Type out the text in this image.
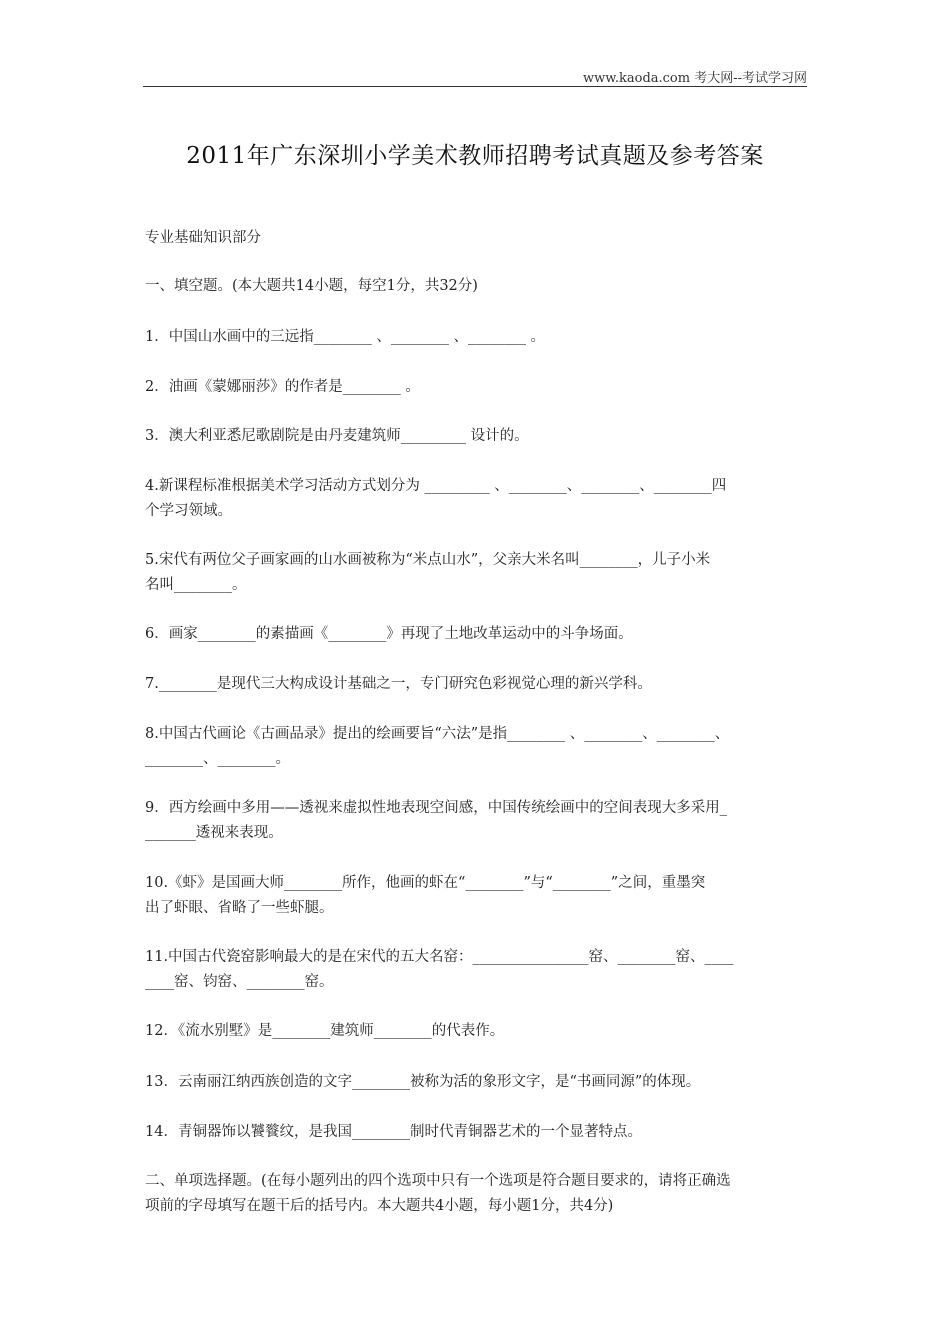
www.kaoda.com 考大网--考试学习网
2011年广东深圳小学美术教师招聘考试真题及参考答案

专业基础知识部分

一、填空题。(本大题共14小题，每空1分，共32分)

1．中国山水画中的三远指________ 、________ 、________ 。

2．油画《蒙娜丽莎》的作者是________ 。

3．澳大利亚悉尼歌剧院是由丹麦建筑师_________ 设计的。

4.新课程标准根据美术学习活动方式划分为 _________ 、________、________、________四

个学习领域。

5.宋代有两位父子画家画的山水画被称为“米点山水”，父亲大米名叫________，儿子小米

名叫________。

6．画家________的素描画《________》再现了土地改革运动中的斗争场面。

7.________是现代三大构成设计基础之一，专门研究色彩视觉心理的新兴学科。

8.中国古代画论《古画品录》提出的绘画要旨“六法”是指________ 、________、________、

________、________。

9．西方绘画中多用——透视来虚拟性地表现空间感，中国传统绘画中的空间表现大多采用_

_______透视来表现。

10.《虾》是国画大师________所作，他画的虾在“________”与“________”之间，重墨突

出了虾眼、省略了一些虾腿。

11.中国古代瓷窑影响最大的是在宋代的五大名窑：________________窑、________窑、____

____窑、钧窑、________窑。

12．《流水别墅》是________建筑师________的代表作。

13．云南丽江纳西族创造的文字________被称为活的象形文字，是“书画同源”的体现。

14．青铜器饰以饕餮纹，是我国________制时代青铜器艺术的一个显著特点。

二、单项选择题。(在每小题列出的四个选项中只有一个选项是符合题目要求的，请将正确选

项前的字母填写在题干后的括号内。本大题共4小题，每小题1分，共4分)
